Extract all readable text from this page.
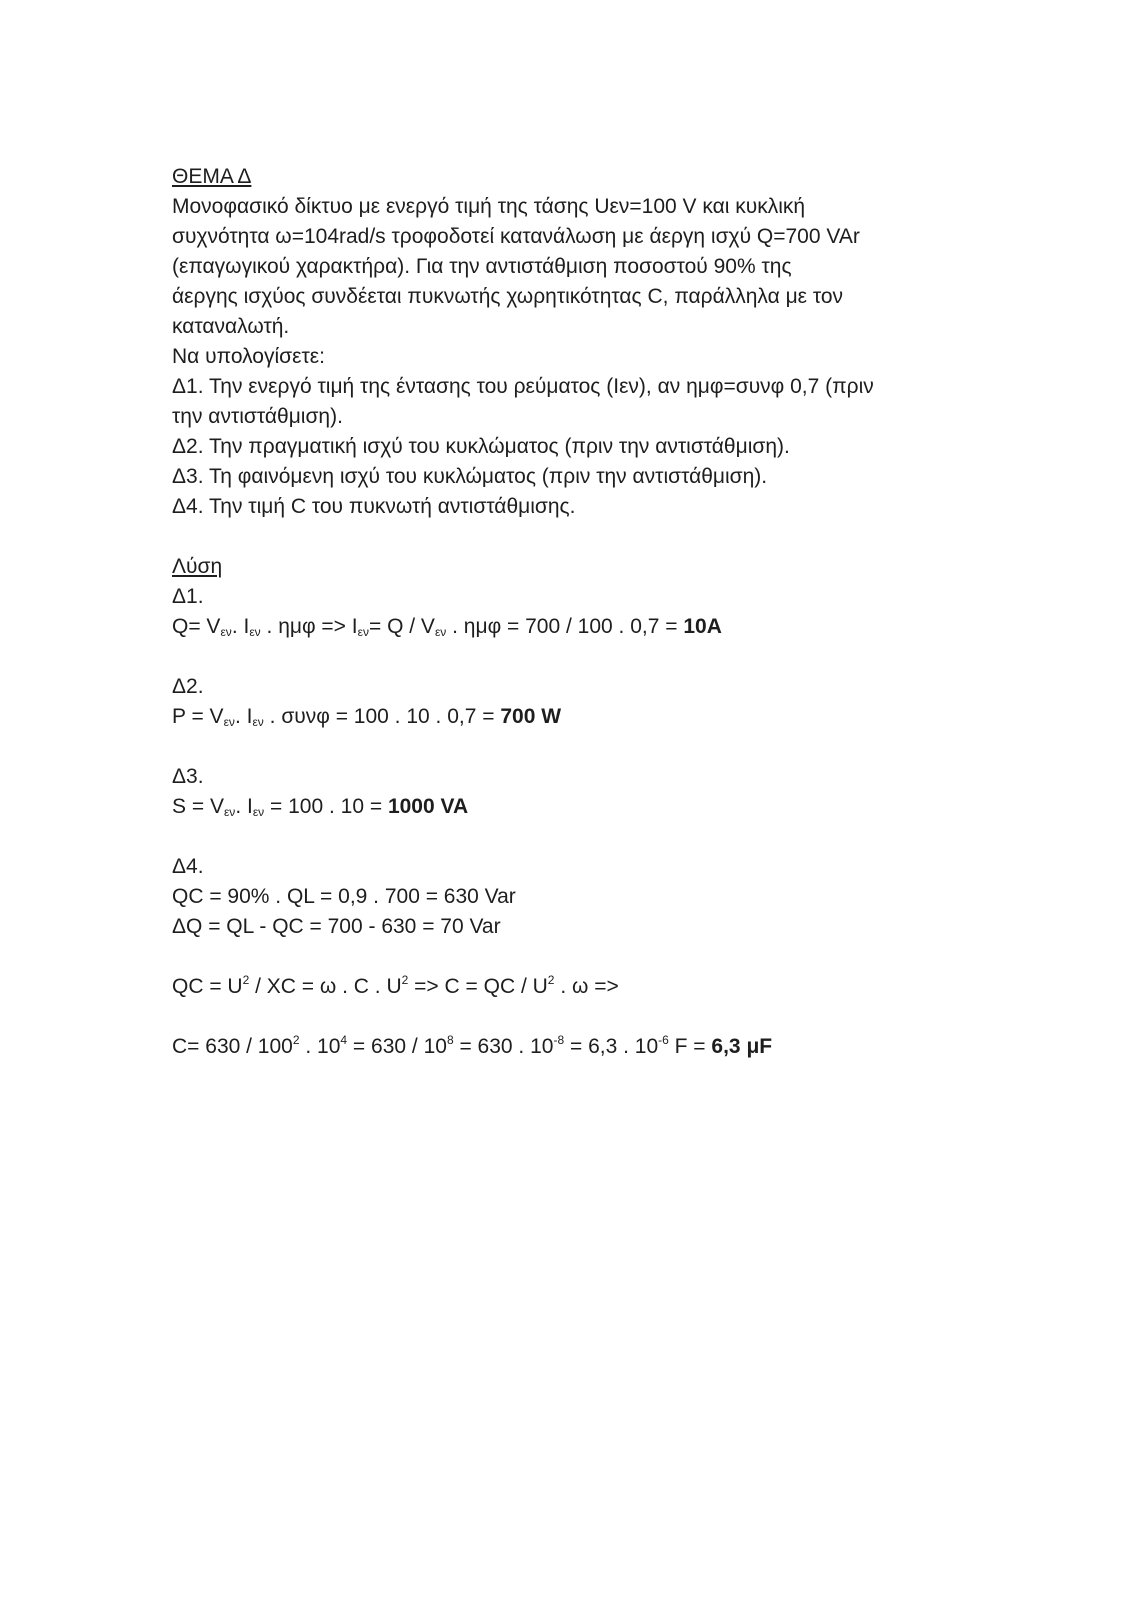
ΘΕΜΑ Δ
Μονοφασικό δίκτυο με ενεργό τιμή της τάσης Uεν=100 V και κυκλική
συχνότητα ω=104rad/s τροφοδοτεί κατανάλωση με άεργη ισχύ Q=700 VAr
(επαγωγικού χαρακτήρα). Για την αντιστάθμιση ποσοστού 90% της
άεργης ισχύος συνδέεται πυκνωτής χωρητικότητας C, παράλληλα με τον
καταναλωτή.
Να υπολογίσετε:
Δ1. Την ενεργό τιμή της έντασης του ρεύματος (Iεν), αν ημφ=συνφ 0,7 (πριν
την αντιστάθμιση).
Δ2. Την πραγματική ισχύ του κυκλώματος (πριν την αντιστάθμιση).
Δ3. Τη φαινόμενη ισχύ του κυκλώματος (πριν την αντιστάθμιση).
Δ4. Την τιμή C του πυκνωτή αντιστάθμισης.
Λύση
Δ1.
$Q= V_{\varepsilon\nu}$. $I_{\varepsilon\nu}$ . $\eta\mu\varphi => I_{\varepsilon\nu}= Q / V_{\varepsilon\nu}$ . ημφ = 700 / 100 . 0,7 = 10A
Δ2.
$P = V_{\varepsilon\nu}$. $I_{\varepsilon\nu}$ . συνφ = 100 . 10 . 0,7 = 700 W
Δ3.
$S = V_{\varepsilon\nu}$. $I_{\varepsilon\nu} = 100$ . 10 = 1000 VA
Δ4.
QC = 90% . QL = 0,9 . 700 = 630 Var
ΔQ = QL - QC = 700 - 630 = 70 Var
QC = $U^2$ / XC = ω . C . $U^2 => C$ = QC / $U^2$ . ω =>
$C= 630 / 100^2$ . $10^4 = 630 / 10^8 = 630$ . $10^{-8} = 6,3$ . $10^{-6}$ F = 6,3 μF
